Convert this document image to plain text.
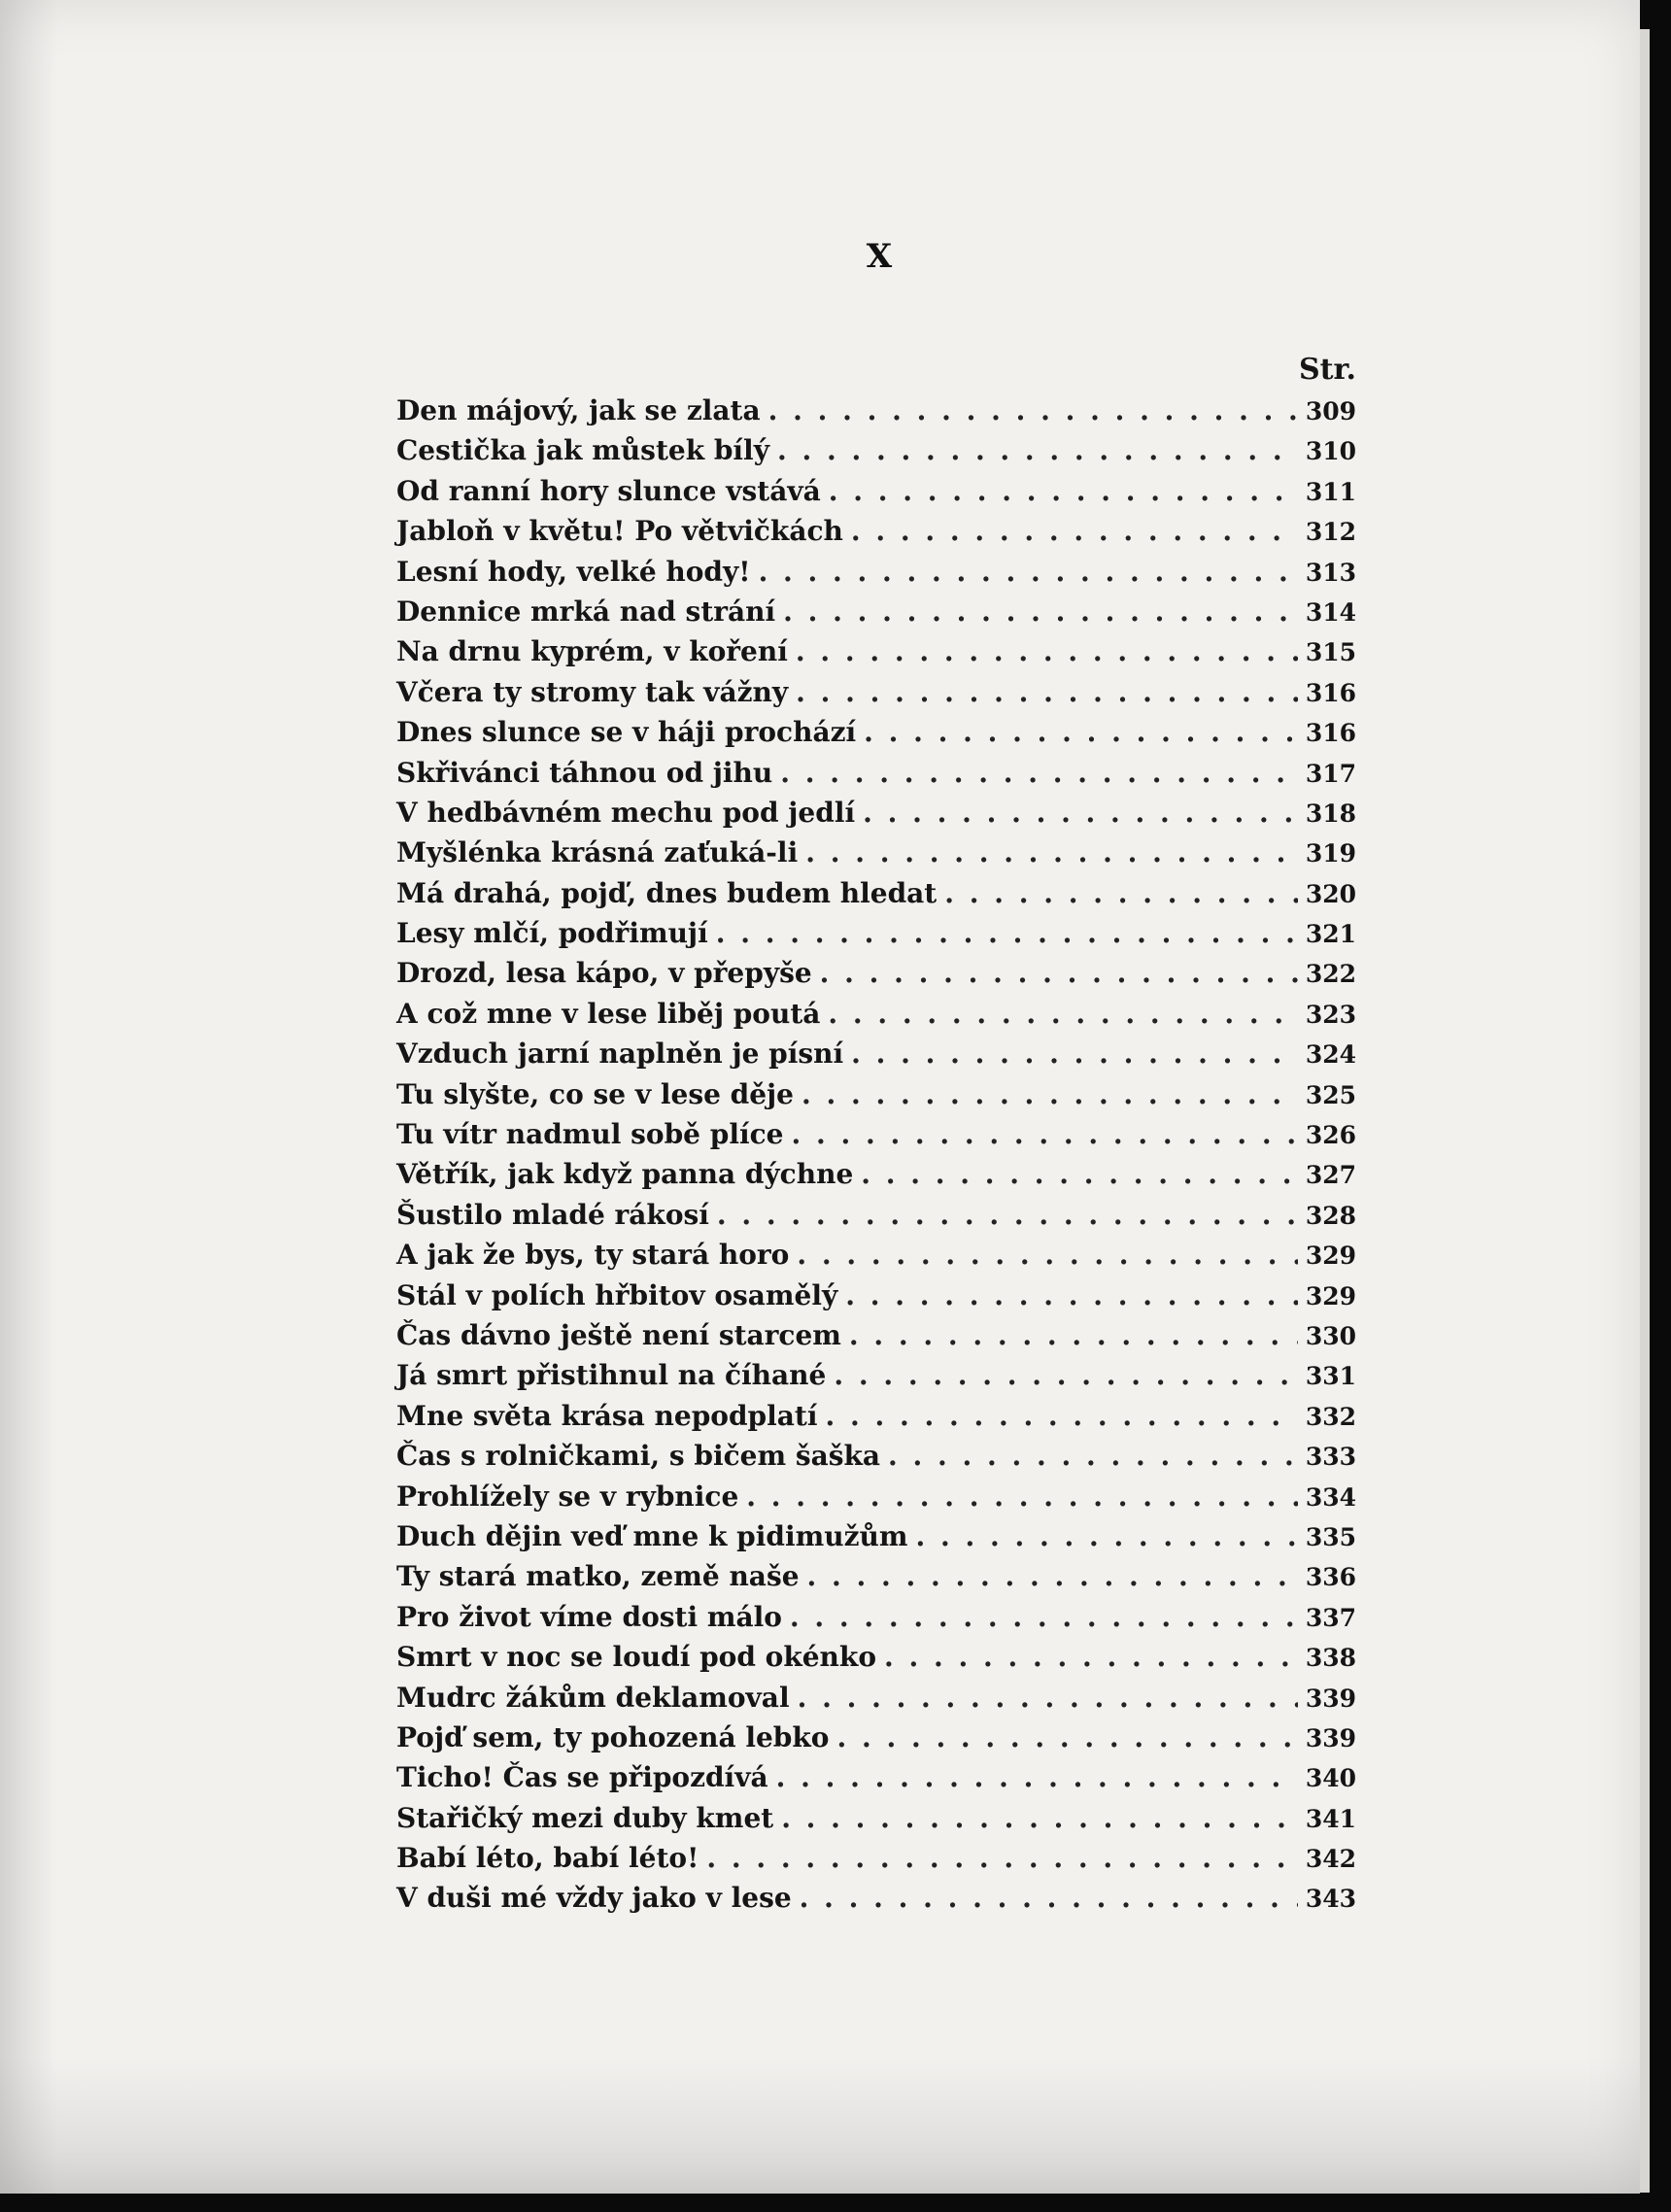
X
Str.
Den májový, jak se zlata . . .	309
Cestička jak můstek bílý . . .	310
Od ranní hory slunce vstává . . .	311
Jabloň v květu! Po větvičkách . . .	312
Lesní hody, velké hody! . . .	313
Dennice mrká nad strání . . .	314
Na drnu kyprém, v koření . . .	315
Včera ty stromy tak vážny . . .	316
Dnes slunce se v háji prochází . . .	316
Skřivánci táhnou od jihu . . .	317
V hedbávném mechu pod jedlí . . .	318
Myšlénka krásná zaťuká-li . . .	319
Má drahá, pojď, dnes budem hledat . . .	320
Lesy mlčí, podřimují . . .	321
Drozd, lesa kápo, v přepyše . . .	322
A což mne v lese liběj poutá . . .	323
Vzduch jarní naplněn je písní . . .	324
Tu slyšte, co se v lese děje . . .	325
Tu vítr nadmul sobě plíce . . .	326
Větřík, jak když panna dýchne . . .	327
Šustilo mladé rákosí . . .	328
A jak že bys, ty stará horo . . .	329
Stál v polích hřbitov osamělý . . .	329
Čas dávno ještě není starcem . . .	330
Já smrt přistihnul na číhané . . .	331
Mne světa krása nepodplatí . . .	332
Čas s rolničkami, s bičem šaška . . .	333
Prohlížely se v rybnice . . .	334
Duch dějin veď mne k pidimužům . . .	335
Ty stará matko, země naše . . .	336
Pro život víme dosti málo . . .	337
Smrt v noc se loudí pod okénko . . .	338
Mudrc žákům deklamoval . . .	339
Pojď sem, ty pohozená lebko . . .	339
Ticho! Čas se připozdívá . . .	340
Stařičký mezi duby kmet . . .	341
Babí léto, babí léto! . . .	342
V duši mé vždy jako v lese . . .	343
